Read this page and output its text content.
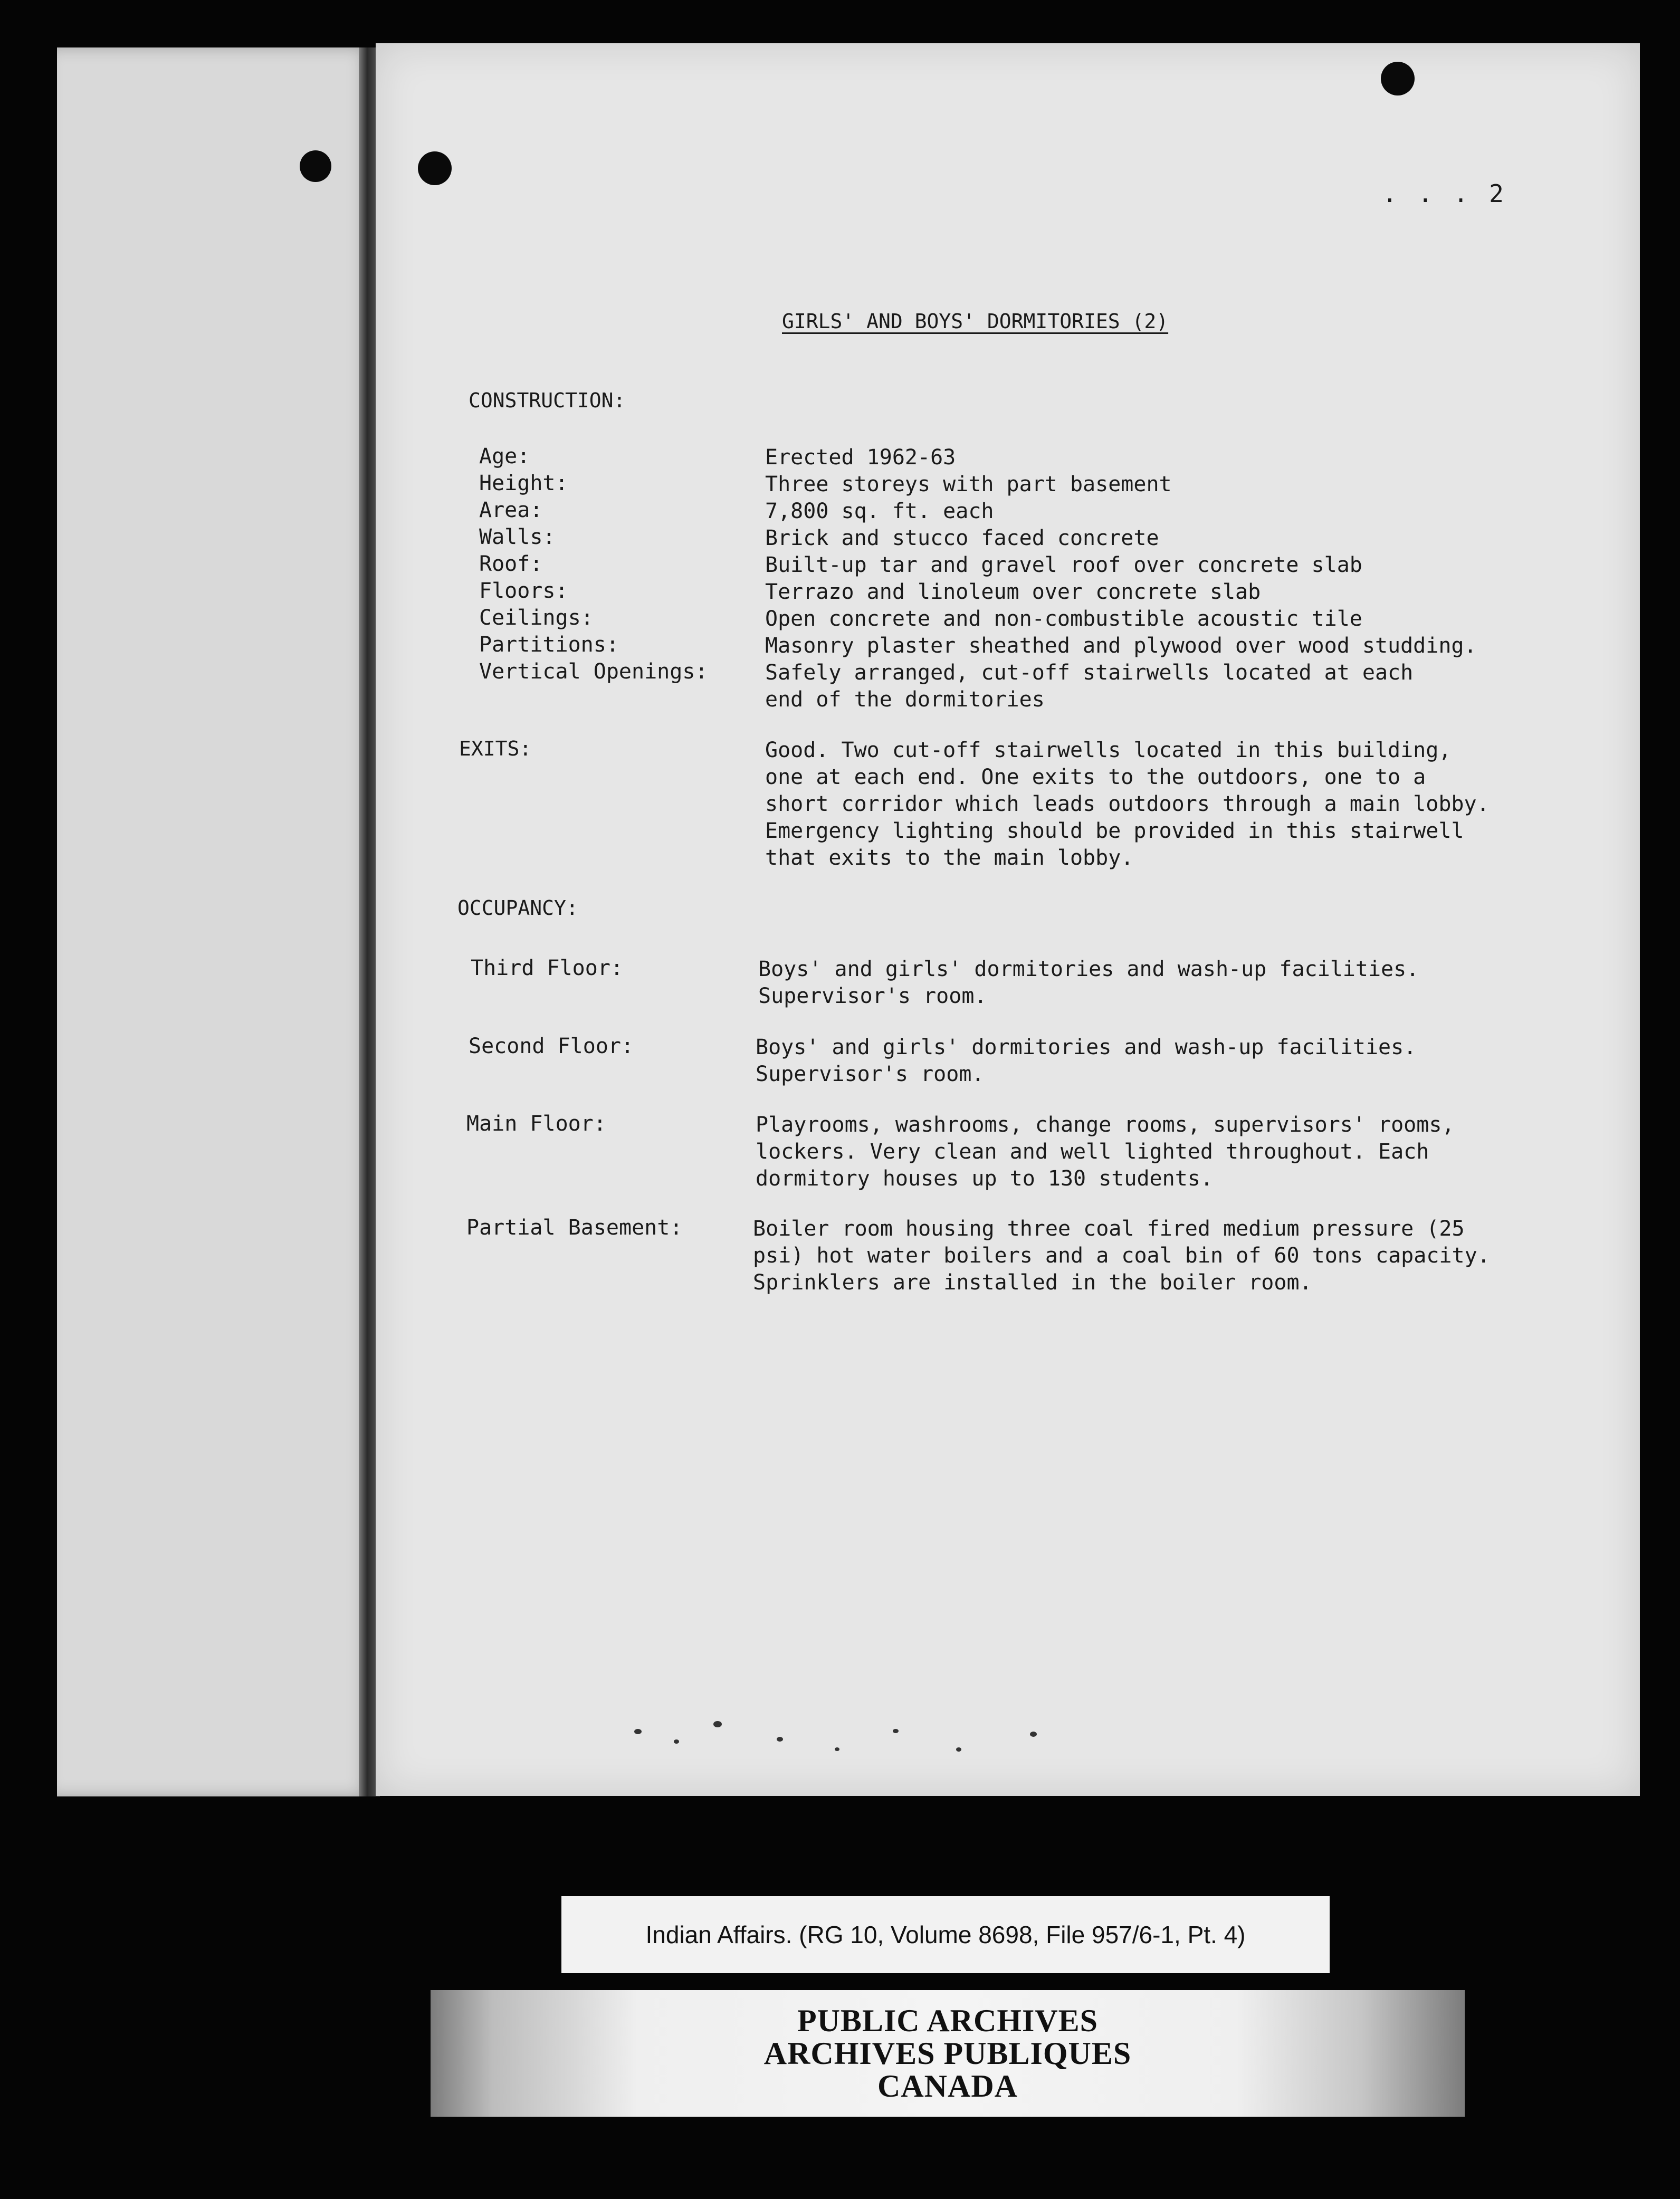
. . . 2
GIRLS' AND BOYS' DORMITORIES (2)
CONSTRUCTION:
Age:	Erected 1962-63
Height:	Three storeys with part basement
Area:	7,800 sq. ft. each
Walls:	Brick and stucco faced concrete
Roof:	Built-up tar and gravel roof over concrete slab
Floors:	Terrazo and linoleum over concrete slab
Ceilings:	Open concrete and non-combustible acoustic tile
Partitions:	Masonry plaster sheathed and plywood over wood studding.
Vertical Openings:	Safely arranged, cut-off stairwells located at each
end of the dormitories
EXITS:	Good. Two cut-off stairwells located in this building,
one at each end. One exits to the outdoors, one to a
short corridor which leads outdoors through a main lobby.
Emergency lighting should be provided in this stairwell
that exits to the main lobby.
OCCUPANCY:
Third Floor:	Boys' and girls' dormitories and wash-up facilities.
Supervisor's room.
Second Floor:	Boys' and girls' dormitories and wash-up facilities.
Supervisor's room.
Main Floor:	Playrooms, washrooms, change rooms, supervisors' rooms,
lockers. Very clean and well lighted throughout. Each
dormitory houses up to 130 students.
Partial Basement:	Boiler room housing three coal fired medium pressure (25
psi) hot water boilers and a coal bin of 60 tons capacity.
Sprinklers are installed in the boiler room.
Indian Affairs. (RG 10, Volume 8698, File 957/6-1, Pt. 4)
PUBLIC ARCHIVES
ARCHIVES PUBLIQUES
CANADA
